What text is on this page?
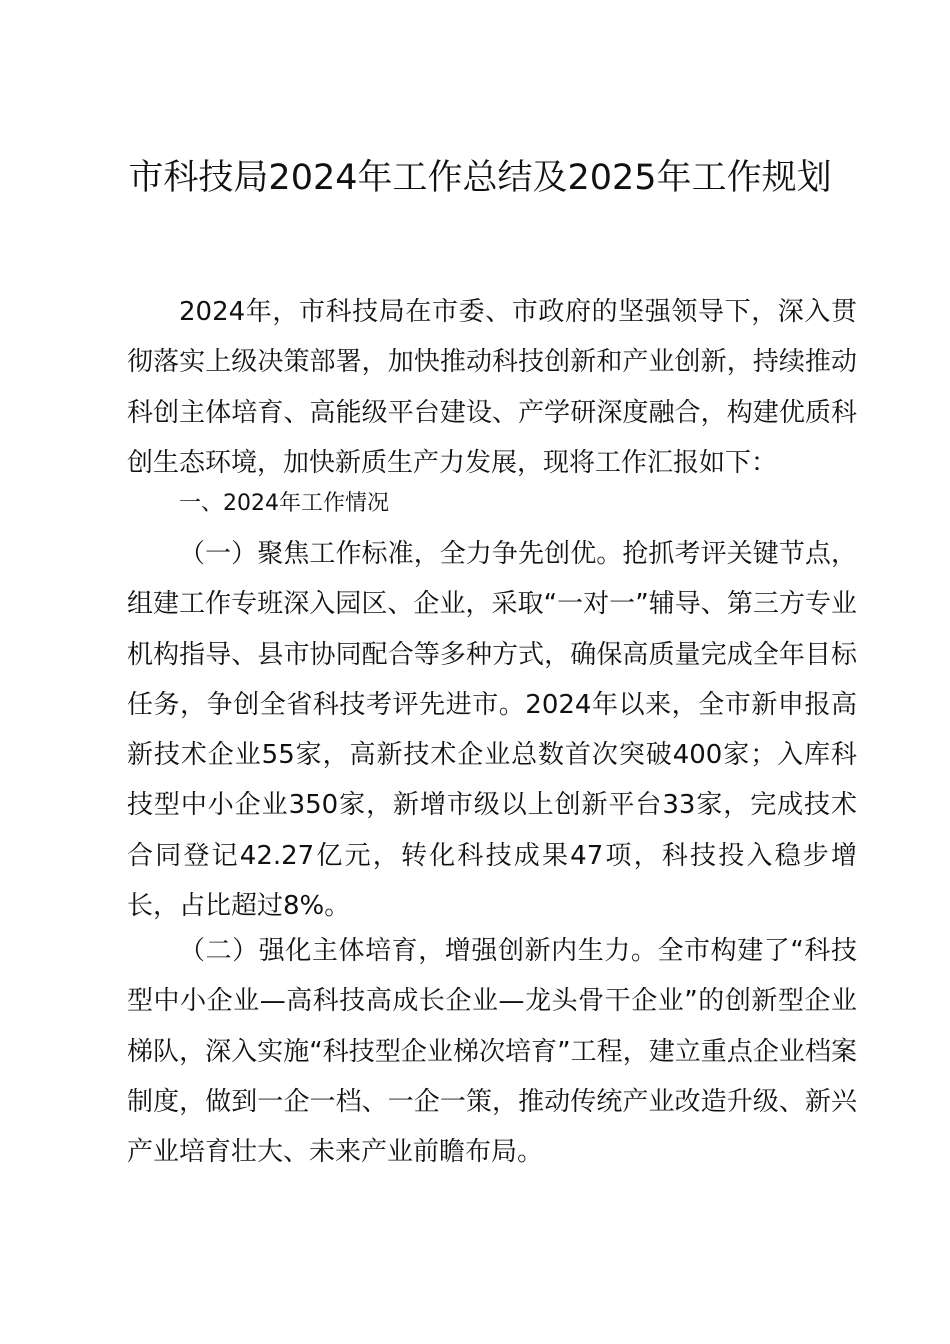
市科技局2024年工作总结及2025年工作规划

2024年，市科技局在市委、市政府的坚强领导下，深入贯彻落实上级决策部署，加快推动科技创新和产业创新，持续推动科创主体培育、高能级平台建设、产学研深度融合，构建优质科创生态环境，加快新质生产力发展，现将工作汇报如下：

一、2024年工作情况

（一）聚焦工作标准，全力争先创优。抢抓考评关键节点，组建工作专班深入园区、企业，采取“一对一”辅导、第三方专业机构指导、县市协同配合等多种方式，确保高质量完成全年目标任务，争创全省科技考评先进市。2024年以来，全市新申报高新技术企业55家，高新技术企业总数首次突破400家；入库科技型中小企业350家，新增市级以上创新平台33家，完成技术合同登记42.27亿元，转化科技成果47项，科技投入稳步增长，占比超过8%。

（二）强化主体培育，增强创新内生力。全市构建了“科技型中小企业—高科技高成长企业—龙头骨干企业”的创新型企业梯队，深入实施“科技型企业梯次培育”工程，建立重点企业档案制度，做到一企一档、一企一策，推动传统产业改造升级、新兴产业培育壮大、未来产业前瞻布局。
